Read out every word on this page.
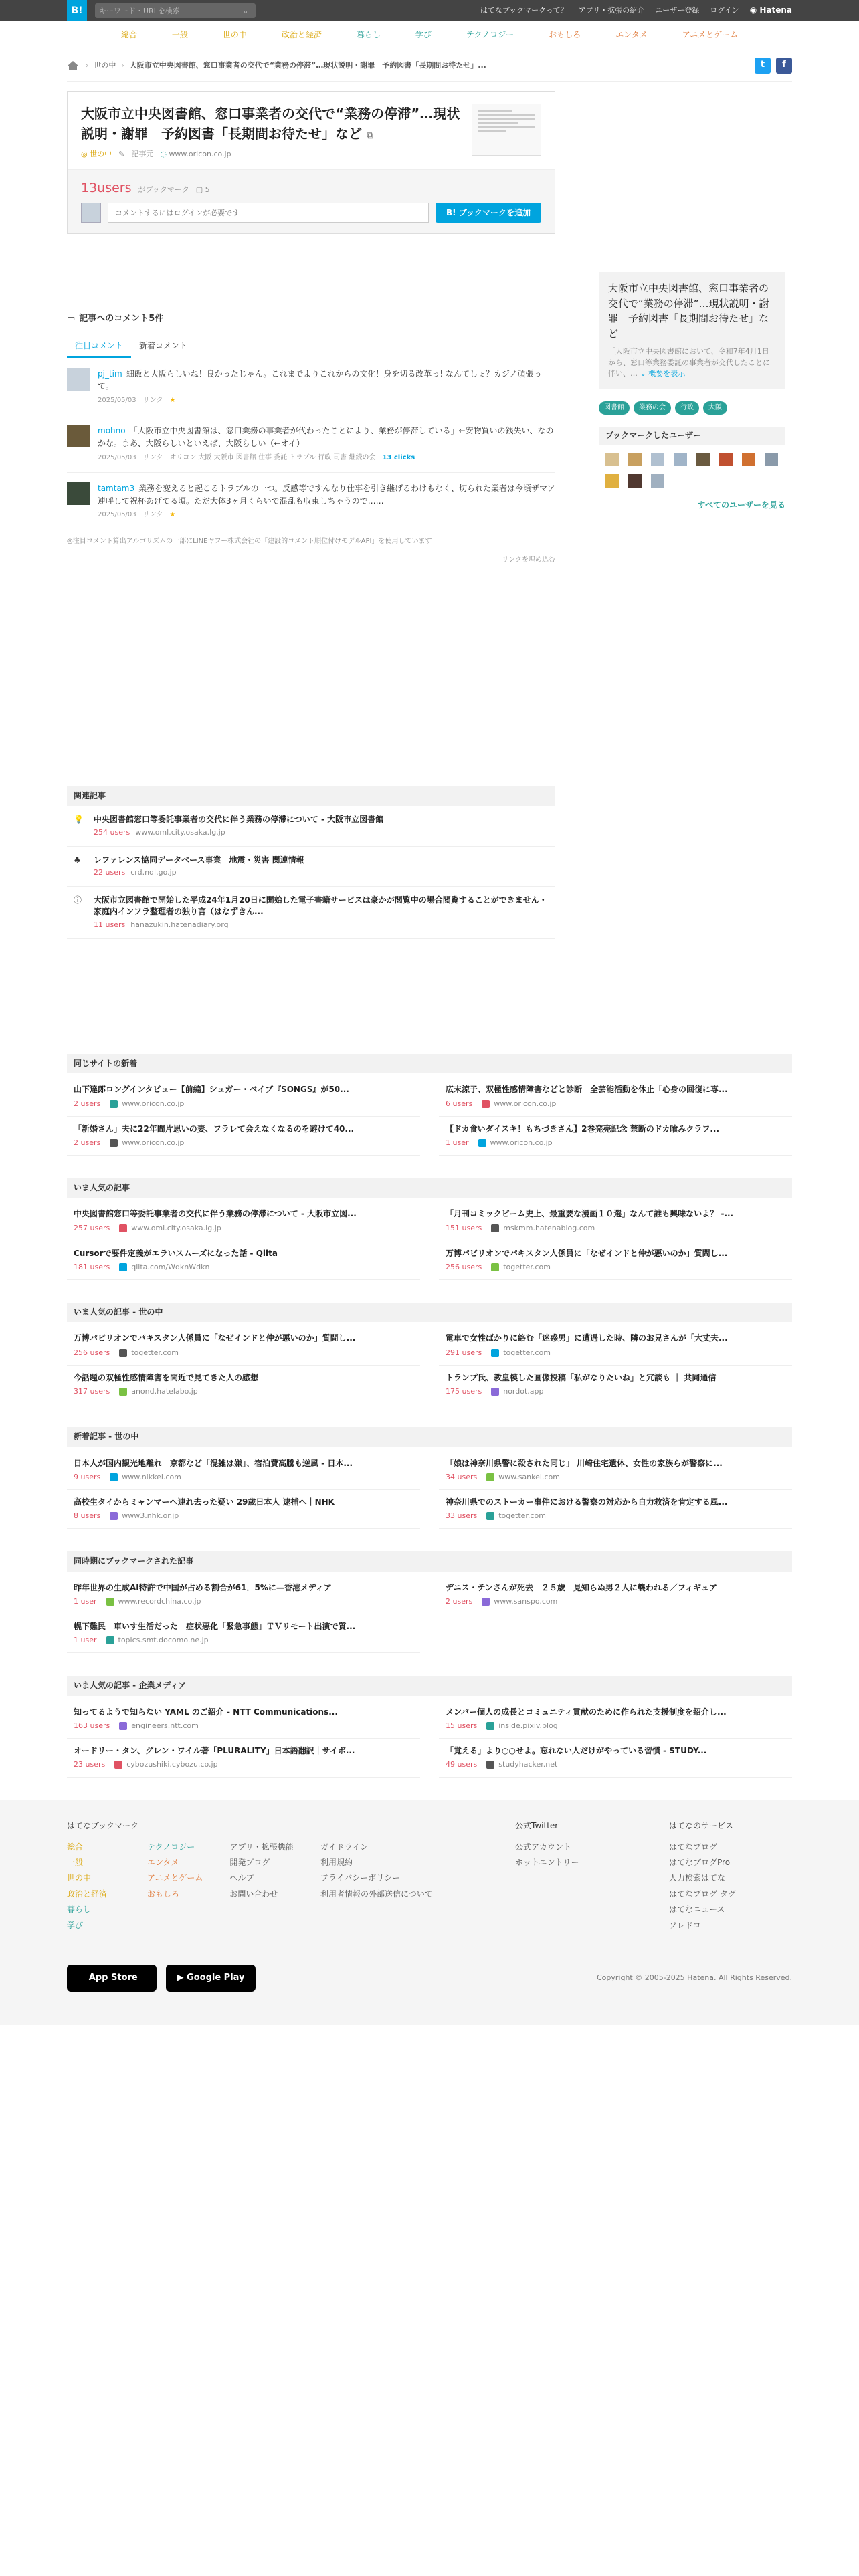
B!
キーワード・URLを検索	⌕	はてなブックマークって？ アプリ・拡張の紹介 ユーザー登録 ログイン ◉ Hatena
総合	一般	世の中	政治と経済	暮らし	学び	テクノロジー	おもしろ	エンタメ	アニメとゲーム
› 世の中 › 大阪市立中央図書館、窓口事業者の交代で“業務の停滞”…現状説明・謝罪　予約図書「長期間お待たせ」...	t	f
大阪市立中央図書館、窓口事業者の交代で“業務の停滞”…現状説明・謝罪　予約図書「長期間お待たせ」など ⧉
◎ 世の中 ✎ 記事元 ◌ www.oricon.co.jp
13users がブックマーク ▢ 5
コメントするにはログインが必要です
B! ブックマークを追加
▭ 記事へのコメント5件
注目コメント	新着コメント
pj_tim 細飯と大阪らしいね！良かったじゃん。これまでよりこれからの文化！身を切る改革っ! なんてしょ？カジノ頑張って。
2025/05/03 リンク ★
mohno 「大阪市立中央図書館は、窓口業務の事業者が代わったことにより、業務が停滞している」←安物買いの銭失い、なのかな。まあ、大阪らしいといえば、大阪らしい（←オイ）
2025/05/03 リンク オリコン 大阪 大阪市 図書館 仕事 委託 トラブル 行政 司書 継続の会 13 clicks
tamtam3 業務を変えると起こるトラブルの一つ。反感等ですんなり仕事を引き継げるわけもなく、切られた業者は今頃ザマア連呼して祝杯あげてる頃。ただ大体3ヶ月くらいで混乱も収束しちゃうので……
2025/05/03 リンク ★
◎注目コメント算出アルゴリズムの一部にLINEヤフー株式会社の「建設的コメント順位付けモデルAPI」を使用しています
リンクを埋め込む
関連記事
💡 中央図書館窓口等委託事業者の交代に伴う業務の停滞について - 大阪市立図書館
254 users www.oml.city.osaka.lg.jp
♣	レファレンス協同データベース事業　地震・災害 関連情報
22 users crd.ndl.go.jp
ⓘ	大阪市立図書館で開始した平成24年1月20日に開始した電子書籍サービスは豪かが閲覧中の場合閲覧することができません・家庭内インフラ整理者の独り言（はなずきん...
11 users hanazukin.hatenadiary.org
大阪市立中央図書館、窓口事業者の交代で“業務の停滞”…現状説明・謝罪　予約図書「長期間お待たせ」など
「大阪市立中央図書館において、令和7年4月1日から、窓口等業務委託の事業者が交代したことに伴い、… ⌄ 概要を表示
図書館	業務の会	行政	大阪
ブックマークしたユーザー
すべてのユーザーを見る
同じサイトの新着
山下達郎ロングインタビュー【前編】シュガー・ベイブ『SONGS』が50...
2 users	www.oricon.co.jp
広末涼子、双極性感情障害などと診断　全芸能活動を休止「心身の回復に専...
6 users	www.oricon.co.jp
「新婚さん」夫に22年間片思いの妻、フラレて会えなくなるのを避けて40...
2 users	www.oricon.co.jp
【ドカ食いダイスキ！もちづきさん】2巻発売記念 禁断のドカ喰みクラフ...
1 user	www.oricon.co.jp
いま人気の記事
中央図書館窓口等委託事業者の交代に伴う業務の停滞について - 大阪市立図...
257 users	www.oml.city.osaka.lg.jp
「月刊コミックビーム史上、最重要な漫画１０選」なんて誰も興味ないよ？ -...
151 users	mskmm.hatenablog.com
Cursorで要件定義がエラいスムーズになった話 - Qiita
181 users	qiita.com/WdknWdkn
万博パビリオンでパキスタン人係員に「なぜインドと仲が悪いのか」質問し...
256 users	togetter.com
いま人気の記事 - 世の中
万博パビリオンでパキスタン人係員に「なぜインドと仲が悪いのか」質問し...
256 users	togetter.com
電車で女性ばかりに絡む「迷惑男」に遭遇した時、隣のお兄さんが「大丈夫...
291 users	togetter.com
今話題の双極性感情障害を間近で見てきた人の感想
317 users	anond.hatelabo.jp
トランプ氏、教皇模した画像投稿「私がなりたいね」と冗談も ｜ 共同通信
175 users	nordot.app
新着記事 - 世の中
日本人が国内観光地離れ　京都など「混雑は嫌」、宿泊費高騰も逆風 - 日本...
9 users	www.nikkei.com
「娘は神奈川県警に殺された同じ」 川崎住宅遺体、女性の家族らが警察に...
34 users	www.sankei.com
高校生タイからミャンマーへ連れ去った疑い 29歳日本人 逮捕へ｜NHK
8 users	www3.nhk.or.jp
神奈川県でのストーカー事件における警察の対応から自力救済を肯定する風...
33 users	togetter.com
同時期にブックマークされた記事
昨年世界の生成AI特許で中国が占める割合が61．5%に—香港メディア
1 user	www.recordchina.co.jp
デニス・テンさんが死去　２５歳　見知らぬ男２人に襲われる／フィギュア
2 users	www.sanspo.com
幌下難民　車いす生活だった　症状悪化「緊急事態」ＴＶリモート出演で質...
1 user	topics.smt.docomo.ne.jp
いま人気の記事 - 企業メディア
知ってるようで知らない YAML のご紹介 - NTT Communications...
163 users	engineers.ntt.com
メンバー個人の成長とコミュニティ貢献のために作られた支援制度を紹介し...
15 users	inside.pixiv.blog
オードリー・タン、グレン・ワイル著「PLURALITY」日本語翻訳｜サイボ...
23 users	cybozushiki.cybozu.co.jp
「覚える」より○○せよ。忘れない人だけがやっている習慣 - STUDY...
49 users	studyhacker.net
はてなブックマーク
総合
一般
世の中
政治と経済
暮らし
学び
テクノロジー
エンタメ
アニメとゲーム
おもしろ
アプリ・拡張機能
開発ブログ
ヘルプ
お問い合わせ
ガイドライン
利用規約
プライバシーポリシー
利用者情報の外部送信について
公式Twitter
公式アカウント
ホットエントリー
はてなのサービス
はてなブログ
はてなブログPro
人力検索はてな
はてなブログ タグ
はてなニュース
ソレドコ

App Store	▶
Google Play	Copyright © 2005-2025 Hatena. All Rights Reserved.
